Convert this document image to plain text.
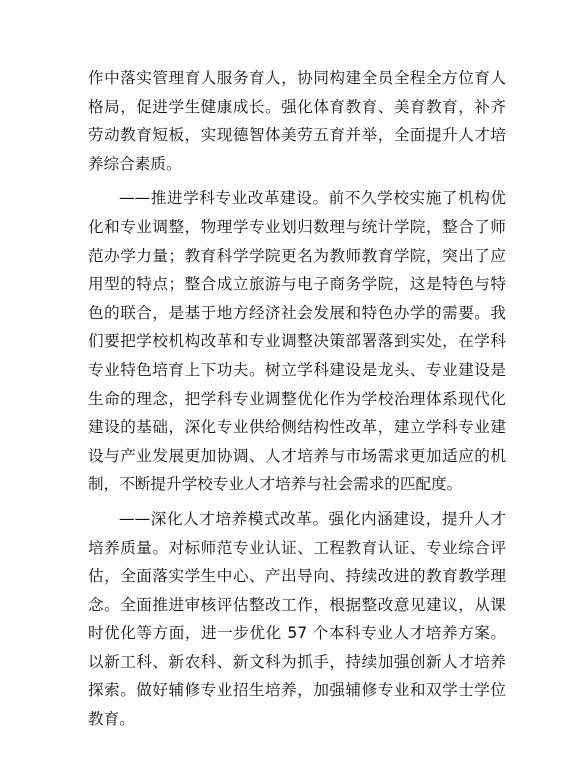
作中落实管理育人服务育人，协同构建全员全程全方位育人格局，促进学生健康成长。强化体育教育、美育教育，补齐劳动教育短板，实现德智体美劳五育并举，全面提升人才培养综合素质。

——推进学科专业改革建设。前不久学校实施了机构优化和专业调整，物理学专业划归数理与统计学院，整合了师范办学力量；教育科学学院更名为教师教育学院，突出了应用型的特点；整合成立旅游与电子商务学院，这是特色与特色的联合，是基于地方经济社会发展和特色办学的需要。我们要把学校机构改革和专业调整决策部署落到实处，在学科专业特色培育上下功夫。树立学科建设是龙头、专业建设是生命的理念，把学科专业调整优化作为学校治理体系现代化建设的基础，深化专业供给侧结构性改革，建立学科专业建设与产业发展更加协调、人才培养与市场需求更加适应的机制，不断提升学校专业人才培养与社会需求的匹配度。

——深化人才培养模式改革。强化内涵建设，提升人才培养质量。对标师范专业认证、工程教育认证、专业综合评估，全面落实学生中心、产出导向、持续改进的教育教学理念。全面推进审核评估整改工作，根据整改意见建议，从课时优化等方面，进一步优化 57 个本科专业人才培养方案。以新工科、新农科、新文科为抓手，持续加强创新人才培养探索。做好辅修专业招生培养，加强辅修专业和双学士学位教育。
